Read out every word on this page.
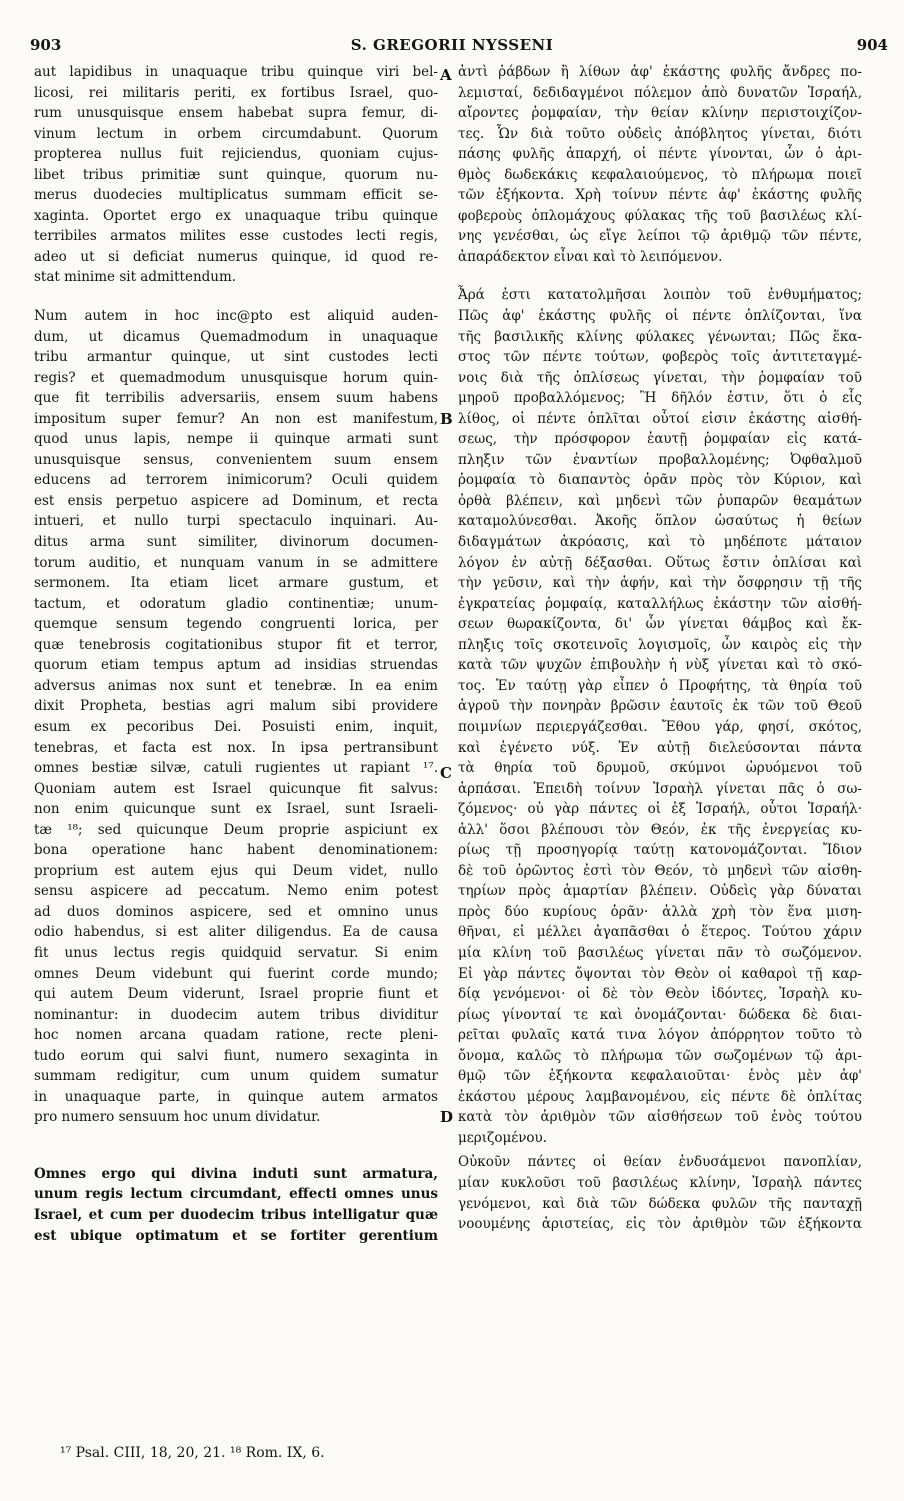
903	S. GREGORII NYSSENI	904
aut lapidibus in unaquaque tribu quinque viri bel-
licosi, rei militaris periti, ex fortibus Israel, quo-
rum unusquisque ensem habebat supra femur, di-
vinum lectum in orbem circumdabunt. Quorum
propterea nullus fuit rejiciendus, quoniam cujus-
libet tribus primitiæ sunt quinque, quorum nu-
merus duodecies multiplicatus summam efficit se-
xaginta. Oportet ergo ex unaquaque tribu quinque
terribiles armatos milites esse custodes lecti regis,
adeo ut si deficiat numerus quinque, id quod re-
stat minime sit admittendum.
Num autem in hoc inc@pto est aliquid auden-
dum, ut dicamus Quemadmodum in unaquaque
tribu armantur quinque, ut sint custodes lecti
regis? et quemadmodum unusquisque horum quin-
que fit terribilis adversariis, ensem suum habens
impositum super femur? An non est manifestum,
quod unus lapis, nempe ii quinque armati sunt
unusquisque sensus, convenientem suum ensem
educens ad terrorem inimicorum? Oculi quidem
est ensis perpetuo aspicere ad Dominum, et recta
intueri, et nullo turpi spectaculo inquinari. Au-
ditus arma sunt similiter, divinorum documen-
torum auditio, et nunquam vanum in se admittere
sermonem. Ita etiam licet armare gustum, et
tactum, et odoratum gladio continentiæ; unum-
quemque sensum tegendo congruenti lorica, per
quæ tenebrosis cogitationibus stupor fit et terror,
quorum etiam tempus aptum ad insidias struendas
adversus animas nox sunt et tenebræ. In ea enim
dixit Propheta, bestias agri malum sibi providere
esum ex pecoribus Dei. Posuisti enim, inquit,
tenebras, et facta est nox. In ipsa pertransibunt
omnes bestiæ silvæ, catuli rugientes ut rapiant ¹⁷.
Quoniam autem est Israel quicunque fit salvus:
non enim quicunque sunt ex Israel, sunt Israeli-
tæ ¹⁸; sed quicunque Deum proprie aspiciunt ex
bona operatione hanc habent denominationem:
proprium est autem ejus qui Deum videt, nullo
sensu aspicere ad peccatum. Nemo enim potest
ad duos dominos aspicere, sed et omnino unus
odio habendus, si est aliter diligendus. Ea de causa
fit unus lectus regis quidquid servatur. Si enim
omnes Deum videbunt qui fuerint corde mundo;
qui autem Deum viderunt, Israel proprie fiunt et
nominantur: in duodecim autem tribus dividitur
hoc nomen arcana quadam ratione, recte pleni-
tudo eorum qui salvi fiunt, numero sexaginta in
summam redigitur, cum unum quidem sumatur
in unaquaque parte, in quinque autem armatos
pro numero sensuum hoc unum dividatur.
Omnes ergo qui divina induti sunt armatura,
unum regis lectum circumdant, effecti omnes unus
Israel, et cum per duodecim tribus intelligatur quæ
est ubique optimatum et se fortiter gerentium
ἀντὶ ῥάβδων ἢ λίθων ἀφ' ἑκάστης φυλῆς ἄνδρες πο-
λεμισταί, δεδιδαγμένοι πόλεμον ἀπὸ δυνατῶν Ἰσραήλ,
αἴροντες ῥομφαίαν, τὴν θείαν κλίνην περιστοιχίζον-
τες. Ὧν διὰ τοῦτο οὐδεὶς ἀπόβλητος γίνεται, διότι
πάσης φυλῆς ἀπαρχή, οἱ πέντε γίνονται, ὧν ὁ ἀρι-
θμὸς δωδεκάκις κεφαλαιούμενος, τὸ πλήρωμα ποιεῖ
τῶν ἑξήκοντα. Χρὴ τοίνυν πέντε ἀφ' ἑκάστης φυλῆς
φοβεροὺς ὁπλομάχους φύλακας τῆς τοῦ βασιλέως κλί-
νης γενέσθαι, ὡς εἴγε λείποι τῷ ἀριθμῷ τῶν πέντε,
ἀπαράδεκτον εἶναι καὶ τὸ λειπόμενον.
Ἆρά ἐστι κατατολμῆσαι λοιπὸν τοῦ ἐνθυμήματος;
Πῶς ἀφ' ἑκάστης φυλῆς οἱ πέντε ὁπλίζονται, ἵνα
τῆς βασιλικῆς κλίνης φύλακες γένωνται; Πῶς ἕκα-
στος τῶν πέντε τούτων, φοβερὸς τοῖς ἀντιτεταγμέ-
νοις διὰ τῆς ὁπλίσεως γίνεται, τὴν ῥομφαίαν τοῦ
μηροῦ προβαλλόμενος; Ἢ δῆλόν ἐστιν, ὅτι ὁ εἷς
λίθος, οἱ πέντε ὁπλῖται οὗτοί εἰσιν ἑκάστης αἰσθή-
σεως, τὴν πρόσφορον ἑαυτῇ ῥομφαίαν εἰς κατά-
πληξιν τῶν ἐναντίων προβαλλομένης; Ὀφθαλμοῦ
ῥομφαία τὸ διαπαντὸς ὁρᾶν πρὸς τὸν Κύριον, καὶ
ὀρθὰ βλέπειν, καὶ μηδενὶ τῶν ῥυπαρῶν θεαμάτων
καταμολύνεσθαι. Ἀκοῆς ὅπλον ὡσαύτως ἡ θείων
διδαγμάτων ἀκρόασις, καὶ τὸ μηδέποτε μάταιον
λόγον ἐν αὐτῇ δέξασθαι. Οὕτως ἔστιν ὁπλίσαι καὶ
τὴν γεῦσιν, καὶ τὴν ἁφήν, καὶ τὴν ὄσφρησιν τῇ τῆς
ἐγκρατείας ῥομφαίᾳ, καταλλήλως ἑκάστην τῶν αἰσθή-
σεων θωρακίζοντα, δι' ὧν γίνεται θάμβος καὶ ἔκ-
πληξις τοῖς σκοτεινοῖς λογισμοῖς, ὧν καιρὸς εἰς τὴν
κατὰ τῶν ψυχῶν ἐπιβουλὴν ἡ νὺξ γίνεται καὶ τὸ σκό-
τος. Ἐν ταύτῃ γὰρ εἶπεν ὁ Προφήτης, τὰ θηρία τοῦ
ἀγροῦ τὴν πονηρὰν βρῶσιν ἑαυτοῖς ἐκ τῶν τοῦ Θεοῦ
ποιμνίων περιεργάζεσθαι. Ἔθου γάρ, φησί, σκότος,
καὶ ἐγένετο νύξ. Ἐν αὐτῇ διελεύσονται πάντα
τὰ θηρία τοῦ δρυμοῦ, σκύμνοι ὠρυόμενοι τοῦ
ἁρπάσαι. Ἐπειδὴ τοίνυν Ἰσραὴλ γίνεται πᾶς ὁ σω-
ζόμενος· οὐ γὰρ πάντες οἱ ἐξ Ἰσραήλ, οὗτοι Ἰσραήλ·
ἀλλ' ὅσοι βλέπουσι τὸν Θεόν, ἐκ τῆς ἐνεργείας κυ-
ρίως τῇ προσηγορίᾳ ταύτῃ κατονομάζονται. Ἴδιον
δὲ τοῦ ὁρῶντος ἐστὶ τὸν Θεόν, τὸ μηδενὶ τῶν αἰσθη-
τηρίων πρὸς ἁμαρτίαν βλέπειν. Οὐδεὶς γὰρ δύναται
πρὸς δύο κυρίους ὁρᾶν· ἀλλὰ χρὴ τὸν ἕνα μιση-
θῆναι, εἰ μέλλει ἀγαπᾶσθαι ὁ ἕτερος. Τούτου χάριν
μία κλίνη τοῦ βασιλέως γίνεται πᾶν τὸ σωζόμενον.
Εἰ γὰρ πάντες ὄψονται τὸν Θεὸν οἱ καθαροὶ τῇ καρ-
δίᾳ γενόμενοι· οἱ δὲ τὸν Θεὸν ἰδόντες, Ἰσραὴλ κυ-
ρίως γίνονταί τε καὶ ὀνομάζονται· δώδεκα δὲ διαι-
ρεῖται φυλαῖς κατά τινα λόγον ἀπόρρητον τοῦτο τὸ
ὄνομα, καλῶς τὸ πλήρωμα τῶν σωζομένων τῷ ἀρι-
θμῷ τῶν ἑξήκοντα κεφαλαιοῦται· ἑνὸς μὲν ἀφ'
ἑκάστου μέρους λαμβανομένου, εἰς πέντε δὲ ὁπλίτας
κατὰ τὸν ἀριθμὸν τῶν αἰσθήσεων τοῦ ἑνὸς τούτου
μεριζομένου.
Οὐκοῦν πάντες οἱ θείαν ἐνδυσάμενοι πανοπλίαν,
μίαν κυκλοῦσι τοῦ βασιλέως κλίνην, Ἰσραὴλ πάντες
γενόμενοι, καὶ διὰ τῶν δώδεκα φυλῶν τῆς πανταχῇ
νοουμένης ἀριστείας, εἰς τὸν ἀριθμὸν τῶν ἑξήκοντα
A
B
C
D
¹⁷ Psal. CIII, 18, 20, 21. ¹⁸ Rom. IX, 6.
